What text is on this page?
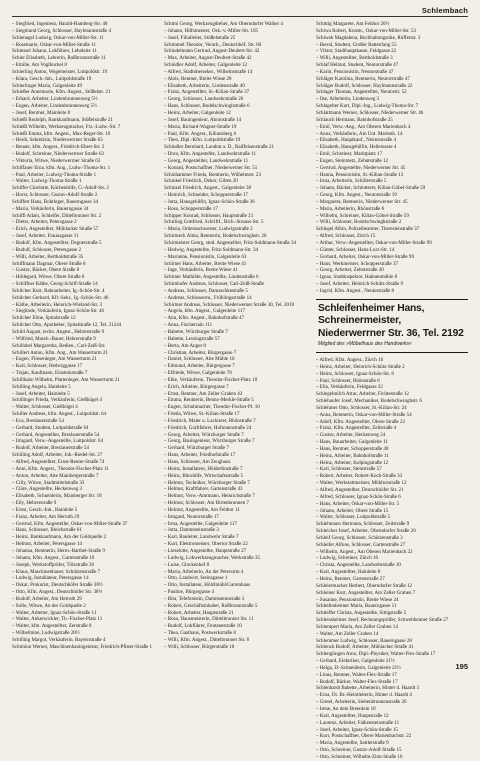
Schlembach
– Siegfried, Ingenieur, Harald-Hamberg-Str. 48
– Siegmund Georg, Schlosser, Haylmannstraße 4
Schienagel Ludwig, Oskar-von-Miller-Str. 11
– Rosemarie, Oskar-von-Miller-Straße 11
Schiessel Johann, Lokführer, Lehnleite 11
Schier Elisabeth, Lehrerin, Roßbrunnstraße 11
– Emilie, Am Voglbuckel 8
Schierling Anton, Wegemeister, Luitpoldstr. 19
– Klara, Gesch.-Inh., Luitpoldstraße 19
Schierlinger Maria, Galgenleite 49
Schießer Annemarie, Kfm. Angest., Stößelstr. 21
– Erhard, Arbeiter, Lindenbrunnenweg 5½
– Eugen, Arbeiter, Lindenbrunnenweg 5½
– Josef, Rentner, Mainleite 8
Schießl Rudolph, Bankkaufmann, Stößelstraße 21
Schießl Wilhelm, Werkzeugmacher, Frz.-Ludw.-Str. 7
Schießl Emma, kfm. Angest., Max-Reger-Str. 10
– Heidi, Sekretärin, Niederwerrner Straße 63
– Renate, kfm. Angest., Friedrich-Ebert-Str. 2
– Rudolf, Schreiner, Niederwerrner Straße 63
– Viktoria, Witwe, Niederwerrner Straße 63
Schiffauer Erna, kfm. Ang., Ludw.-Thoma-Str. 1
– Paul, Arbeiter, Ludwig-Thoma-Straße 1
– Walter, Ludwig-Thoma-Straße 1
Schiffer Charlotte, Küchenhilfe, G.-Adolf-Str. 2
– Horst, Schlosser, Gustav-Adolf-Straße 2
Schiffert Hans, Rohrleger, Bauerngasse 34
– Maria, Verkäuferin, Bauerngasse 34
Schiffl Adam, Schleifer, Dittelbrunner Str. 2
– Dieter, Arbeiter, Petersgasse 2
– Erich, Angestellter, Mühlacker Straße 57
– Josef, Arbeiter, Fraunagasse 11
– Rudolf, Kfm. Angestellter, Degnerstraße 5
– Rudolf, Schlosser, Petersgasse 2
– Willi, Arbeiter, Bertholdstraße 35
Schiffmann Dagmar, Obere Straße 8
– Gustav, Bäcker, Obere Straße 8
– Hildegard, Witwe, Obere Straße 8
– Schiffner Käthe, Georg-Schiff-Straße 14
Schilcher Kurt, Bahnarbeiter, Ig.-Schön-Str. 4
Schilcher Gerhard, Kfr.-Sekr., Ig.-Schön-Str. 46
– Käthe, Arbeiterin, Heinrich-Wieland-Str. 3
– Sieglinde, Verkäuferin, Ignaz-Schön-Str. 46
Schilcher Eline, Spitalstraße 12
Schilcher Otto, Apotheker, Spitalstraße 12, Tel. 21244
Schild August, techn. Angest., Hebrerstraße 9
– Wilfried, Masch.-Bauer, Hebrerstraße 9
Schillabel Margaretha, Bedien., Carl-Zeiß-Str.
Schillert Anton, Kfm. Ang., Am Wasserturm 21
– Eugen, Fliesenleger, Am Wasserturm 21
– Karl, Schlosser, Hedwiggasse 17
– Trajan, Kaufmann, Einsteinstraße 7
Schillhahn Wilhelm, Plattenleger, Am Wasserturm 21
Schilling Angela, Hainleite 5
– Josef, Arbeiter, Hainleite 5
Schillinger Frieda, Verkäuferin, Gießhügel 4
– Walter, Schlosser, Gießhügel 4
Schiller Andreas, kfm. Angest., Luitpoldstr. 64
– Eva, Breslauerstraße 54
– Gerhard, Student, Luitpoldstraße 64
– Gerhard, Angestellter, Breslauerstraße 54
– Irmgard, Verw.-Angestellte, Luitpoldstr. 64
– Rudolf, Arbeiter, Breslauerstraße 54
Schilling Adolf, Arbeiter, Joh.-Riedel-Str. 27
– Alfred, Angestellter, Ernst-Reuter-Straße 74
– Anni, Kfm. Angest., Theodor-Fischer-Platz 11
– Anton, Arbeiter, Alte Mainbergerstraße 7
– Cilly, Witwe, Stadtmittelstraße 33
– Cläre, Angestellte, Heckenweg 3
– Elisabeth, Schneiderin, Mainberger Str. 18
– Elly, Hebrerstraße 9
– Ernst, Gesch.-Inh., Hainleite 5
– Franz, Arbeiter, Am Herroth 29
– Gertrud, Kfm. Angestellte, Oskar-von-Miller-Straße 37
– Hans, Schlosser, Bleichstraße 61
– Heinz, Bankkaufmann, Am der Goldquelle 2
– Helmut, Arbeiter, Petersgasse 14
– Johanna, Rentnerin, Herm.-Barthel-Straße 9
– Johann, Kfm. Angest., Gartenstraße 10
– Joseph, Werkstoffprüfer, Tölzstraße 26
– Klaus, Maschinenbauer, Schützenstraße 7
– Ludwig, Installateur, Petersgasse 14
– Oskar, Prokurist, Deutschhöfer Straße 38½
– Otto, Kfm. Angest., Deutschhöfer Str. 38½
– Rudolf, Arbeiter, Am Herroth 29
– Sofie, Witwe, An der Goldquelle 2
– Walter, Arbeiter, Ignaz-Schön-Straße 11
– Walter, Ankerwickler, Th.-Fischer-Platz 11
– Walter, kfm. Angestellter, Zerstraße 8
– Wilhelmine, Ludwigstraße 20½
Schilling Margot, Verkäuferin, Bayernstraße 4
Schimion Werner, Maschinenbauingenieur, Friedrich-Pfister-Straße 1
Schimi Georg, Werkzeugdreher, Am Oberndorfer Walher 4
– Johann, Hilfsmeister, Osk.-v.-Miller-Str. 105
– Josef, Filialleiter, Stößelstraße 25
Schimmel Theodor, Verarb., Deutschhöf. Str. 60
Schindelmann Gertrud, August-Deubert-Str. 42
– Max, Arbeiter, August-Deubert-Straße 42
Schindler Adolf, Arbeiter, Galgenleite 12
– Alfred, Stadtoberseker., Wilhelmstraße 14
– Alois, Rentner, Breite Wiese 28
– Elisabeth, Arbeiterin, Lindenstraße 40
– Franz, Angestellter, St.-Kilian-Straße 37
– Georg, Schlosser, Landwehrstraße 26
– Hans, Schlosser, Bodelschwinghstraße 6
– Heinz, Arbeiter, Galgenleite 12
– Josef, Bauingenieur, Ahornstraße 14
– Maria, Richard-Wagner-Straße 19
– Paul, Kfm. Angest., Kiliansberg 6
– Theo, Dipl.-Kfm. Luitpoldstraße 19
Schindler Bernhard, Landrat a. D., Raiffeisenstraße 21
– Dora, Kfm. Angestellte, Landwehrstraße 11
– Georg, Angestellter, Landwehrstraße 11
– Konrad, Postschaffner, Niederwerner Str. 51
Schinhammer Frieda, Rentnerin, Wilhelmstr. 23
Schinkel Friedrich, Dekor, Gilten 20
Schinzel Friedrich, Angest., Galgenleite 38
– Heinrich, Schneider, Schopperstraße 17
– Jutta, Hausgehilfin, Ignaz-Schön-Straße 36
– Rosa, Schopperstraße 17
Schipper Konrad, Schlosser, Hauptstraße 21
Schirling Gottfried, Schriftf., Rich.-Strauss-Str. 5
– Maria, Ordensschwester, Ludwigsstraße 2
Schirmeck Alma, Rentnerin, Bodelschwinghstr. 28
Schirmeister Georg, stud. Angestellter, Fritz-Soldmann-Straße 34
– Hedwig, Angestellte, Fritz-Soldmann-Str. 34
– Marianne, Pensionistin, Galgenleite 63
Schirner Hans, Arbeiter, Breite Wiese 41
– Inge, Verkäuferin, Breite Wiese 41
Schirner Mathilde, Angestellte, Lindenstraße 6
Schirnhofer Andreas, Schlosser, Carl-Zeiß-Straße
– Andreas, Schlosser, Damaschkestraße 5
– Andreas, Schlosserm., Frühlingsstraße 14
Schirmer Andreas, Schlosser, Niederwerner Straße 30, Tel. 2010
– Angela, kfm. Angest., Galgenleite 117
– Ann, Kfm. Angest., Bahnhofstraße 47
– Anna, Fischerrain 111
– Babette, Würzburger Straße 7
– Babette, Lessingstraße 57
– Berta, Am Anger 8
– Christian, Arbeiter, Bürgergasse 7
– Daniel, Schlosser, Alte Mühle 10
– Edmund, Arbeiter, Bürgergasse 7
– Elfriede, Witwe, Galgenleite 78
– Elke, Verkäuferin, Theodor-Fischer-Platz 10
– Erich, Arbeiter, Bürgergasse 7
– Ernst, Rentner, Am Zeller Graben 43
– Emma, Rentnerin, Benno-Merkle-Straße 5
– Eugen, Schuhmacher, Theodor-Fischer-Pl. 10
– Frieda, Witwe, St.-Kilian-Straße 17
– Friedrich, Maler u. Lackierer, Rhönstraße 7
– Friedrich, Graftfahrer, Hofmannstraße 24
– Georg, Arbeiter, Würzburger Straße 7
– Georg, Bauingenieur, Würzburger Straße 7
– Gerhard, Würzburger Straße 7
– Hans, Arbeiter, Friedhofstraße 17
– Hans, Schlosser, Am Zeughaus
– Heinz, Installateur, Hölderlinstraße 7
– Heinz, Bürohilfe, Wirtschaftsstraße 5
– Helmut, Techniker, Würzburger Straße 7
– Helmut, Kraftfahrer, Gartenstraße 43
– Helmut, Verw.-Amtmann, Heinrichstraße 7
– Helmut, Schlosser, Am Hirtenbrunnen 7
– Helmut, Angestellte, Am Feldtor 11
– Irmgard, Neutorstraße 17
– Irma, Angestellte, Galgenleite 117
– Jutta, Dammsteinstraße 3
– Karl, Bauleiter, Landwehr Straße 7
– Kurt, Elektromeister, Obertor Straße 22
– Lieselotte, Angestellte, Hauptstraße 27
– Ludwig, Lokwerkzeugmacher, Werkstraße 35
– Luise, Glockenhof 8
– Maria, Arbeiterin, An der Petersirm 4
– Otto, Landwirt, Steinsgasse 1
– Otto, Installateur, Hölzlmühl/Gartenhaus
– Pauline, Bürgergasse 4
– Rita, Telefonistin, Dammsteinstraße 3
– Robert, Geschäftsinhaber, Roßbrunnstraße 5
– Robert, Arbeiter, Hauptstraße 21
– Rosa, Hausmeisterin, Dittelbrunner Str. 11
– Rudolf, Lokführer, Fontanestraße 10
– Thea, Gasthaus, Postwerkstraße 8
– Willi, Kfm. Angest., Dittelbrunner Str. 8
– Willi, Schlosser, Bürgerstraße 10
Schittig Margarete, Am Feldtor 20½
Schiwa Robert, Konstr., Oskar-von-Miller-Str. 53
Schiwek Magdalena, Buchhaltungsräte, Rüfferstr. 3
– Bernd, Student, Großer Rattenfang 55
– Viktor, Stadthauptkasse, Feldgasse 22
– Willi, Angestellter, Bertholdstraße 3
Schlaf Helmut, Student, Neutorstraße 47
– Karin, Pensionistin, Neutorstraße 47
Schläger Karolina, Rentnerin, Neutorstraße 47
Schläger Rudolf, Schlosser, Haylmannstraße 22
Schlager Thomas, Angestellter, Neutorstr. 52
– Ilse, Arbeiterin, Lindenweg 3
Schlagelter Kurt, Dipl.-Ing., Ludwig-Thoma-Str. 7
Schlattmann Werner, Schlosser, Niederwerner Str. 46
Schlauch Hermann, Bahnhofstraße 25
– Emil, Verw.-Ang., Am Oberen Marienbach 4
– Anna, Verkäuferin, Am Unt. Marienb. 14
– Elisabeth, Hauptkauf., Neutorstraße 4
– Elisabeth, Hausgehilfin, Hellersasse 4
– Emil, Schreiner, Marktplatz 17
– Eugen, Steinmetz, Zehntstraße 12
– Gertrud, Angestellte, Niederwerner Str. 45
– Hanna, Pensionistin, St.-Kilian-Straße 13
– Irma, Arbeiterin, Schillerstraße 5
– Johann, Bäcker, Schlotterer, Kilian-Göbel-Straße 59
– Georg, Kfm. Angest., Neutorstraße 19
– Margareta, Rentnerin, Niederwerner Str. 45
– Maria, Arbeiterin, Rhönstraße 6
– Wilhelm, Schreiner, Kilian-Göbel-Straße 59
– Willi, Schlosser, Bodelschwinghstraße 2
Schlegel Albin, Polizeibeamter, Theresienstraße 37
– Alfred, Schlosser, Zürch 15
– Arthur, Verw.-Angestellter, Oskar-von-Miller-Straße 99
– Günter, Schlosser, Hans-Lurz-Str. 14
– Gerhard, Arbeiter, Oskar-von-Miller-Straße 99
– Hans, Werkmeister, Schopperstraße 37
– Georg, Arbeiter, Zehntstraße 30
– Ignaz, Stadtinspektor, Hahnenmühle 8
– Josef, Arbeiter, Heinrich-Schütz-Straße 9
– Ingrid, Kfm. Angest., Neutorstraße 8
Schleifenheimer Hans,
Schreinermeister,
Niederwerrner Str. 36, Tel. 2192
Mitglied des »Möbelhaus des Handwerks«
– Alfred, Kfm. Angest., Zürch 16
– Heinz, Arbeiter, Heinrich-Schütz-Straße 2
– Heinz, Schlosser, Ignaz-Schön-Str. 8
– Paul, Schlosser, Rhönstraße 6
– Ella, Verkäuferin, Feldgasse 22
Schlegelmilch Artur, Arbeiter, Fichtestraße 12
Schlehaufer Josef, Mechaniker, Bodelschwinghstr. 6
Schlehmer Otto, Schlosser, St.-Kilian-Str. 24
– Anna, Rentnerin, Oskar-von-Miller-Straße 54
– Adolf, Kfm. Angestellter, Obere Straße 22
– Franz, Kfm. Angestellter, Zeilstraße 4
– Gustav, Arbeiter, Heckenweg 24
– Hans, Bauarbeiter, Galgenleite 11
– Hans, Rentner, Schopperstraße 40
– Heinz, Arbeiter, Bahnhofstraße 11
– Heinz, Arbeiter, Kolpingstraße 12
– Karl, Schlosser, Steinstraße 57
– Robert, Arbeiter, Robert-Koch-Straße 33
– Walter, Werkstattmeister, Mühltorstraße 12
– Alfred, Angestellter, Deutschhöfer Str. 21
– Alfred, Schlosser, Ignaz-Schön-Straße 6
– Hans, Arbeiter, Oskar-von-Miller-Str. 5
– Johann, Arbeiter, Obere Straße 15
– Walter, Schlosser, Luitpoldstraße 5
Schlehmann Hermann, Schlosser, Zeilstraße 9
Schleicher Josef, Arbeiter, Oberndorfer Straße 20
Schleif Georg, Schlosser, Schützenstraße 3
Schleifer Alfons, Schlosser, Gartenstraße 27
– Wilhelm, Angest., Am Oberen Marienbach 22
– Ludwig, Schreiner, Zürch 16
– Christa, Angestellte, Landwehrstraße 10
– Karl, Angestellter, Hainleite 8
– Heinz, Rentner, Gartenstraße 27
Schleiermacher Herbert, Oberndorfer Straße 12
Schleiner Kurt, Angestellter, Am Zeller Graben 7
– Susanne, Pensionistin, Breite Wiese 24
Schleifenheimer Maria, Bauerngasse 11
Schleiffer Christa, Angestellte, Sittigstraße 5
Schleissheimer Josef, Rechnungsprüfer, Schwebheimer Straße 27
Schlempert Maria, Am Zeller Graben 14
– Walter, Am Zeller Graben 14
Schlemmer Ludwig, Schlosser, Bauerngasse 28
Schlenck Rudolf, Arbeiter, Mühlacker Straße 41
Schlenglingen Arno, Dipl.-Physiker, Walter-Flex-Straße 17
– Gerhard, Elektriker, Galgenleite 21½
– Helga, D.-Schneiderin, Galgenleite 21½
– Linus, Rentner, Walter-Flex-Straße 17
– Rudolf, Bäcker, Walter-Flex-Straße 17
Schlenhardt Babette, Arbeiterin, Hinter d. Haardt 3
– Erna, Dr. Br.-Heimleiterin, Hinter d. Haardt 4
– Gretel, Arbeiterin, Siebenbrunnenstraße 26
– Irene, An dem Breenlein 10
– Karl, Angestellter, Hauptstraße 12
– Laurenz, Arbeiter, Falkensteinstraße 11
– Josef, Arbeiter, Ignaz-Schön-Straße 15
– Kurt, Postschaffner, Obere Marienbachstr. 22
– Maria, Angestellte, Sattlerstraße 9
– Otto, Schreiner, Gustav-Adolf-Straße 15
– Otto, Schreiner, Wilhelm-Zinn-Straße 16
195
